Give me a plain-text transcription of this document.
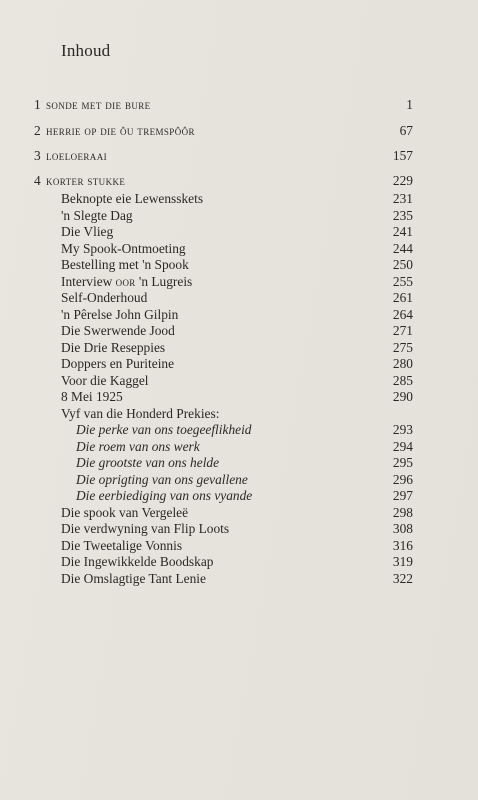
Inhoud
1 sonde met die bure	1
2 herrie op die ôu tremspôôr	67
3 loeloeraai	157
4 korter stukke	229
Beknopte eie Lewensskets	231
'n Slegte Dag	235
Die Vlieg	241
My Spook-Ontmoeting	244
Bestelling met 'n Spook	250
Interview oor 'n Lugreis	255
Self-Onderhoud	261
'n Pêrelse John Gilpin	264
Die Swerwende Jood	271
Die Drie Reseppies	275
Doppers en Puriteine	280
Voor die Kaggel	285
8 Mei 1925	290
Vyf van die Honderd Prekies:
Die perke van ons toegeeflikheid	293
Die roem van ons werk	294
Die grootste van ons helde	295
Die oprigting van ons gevallene	296
Die eerbiediging van ons vyande	297
Die spook van Vergeleë	298
Die verdwyning van Flip Loots	308
Die Tweetalige Vonnis	316
Die Ingewikkelde Boodskap	319
Die Omslagtige Tant Lenie	322
